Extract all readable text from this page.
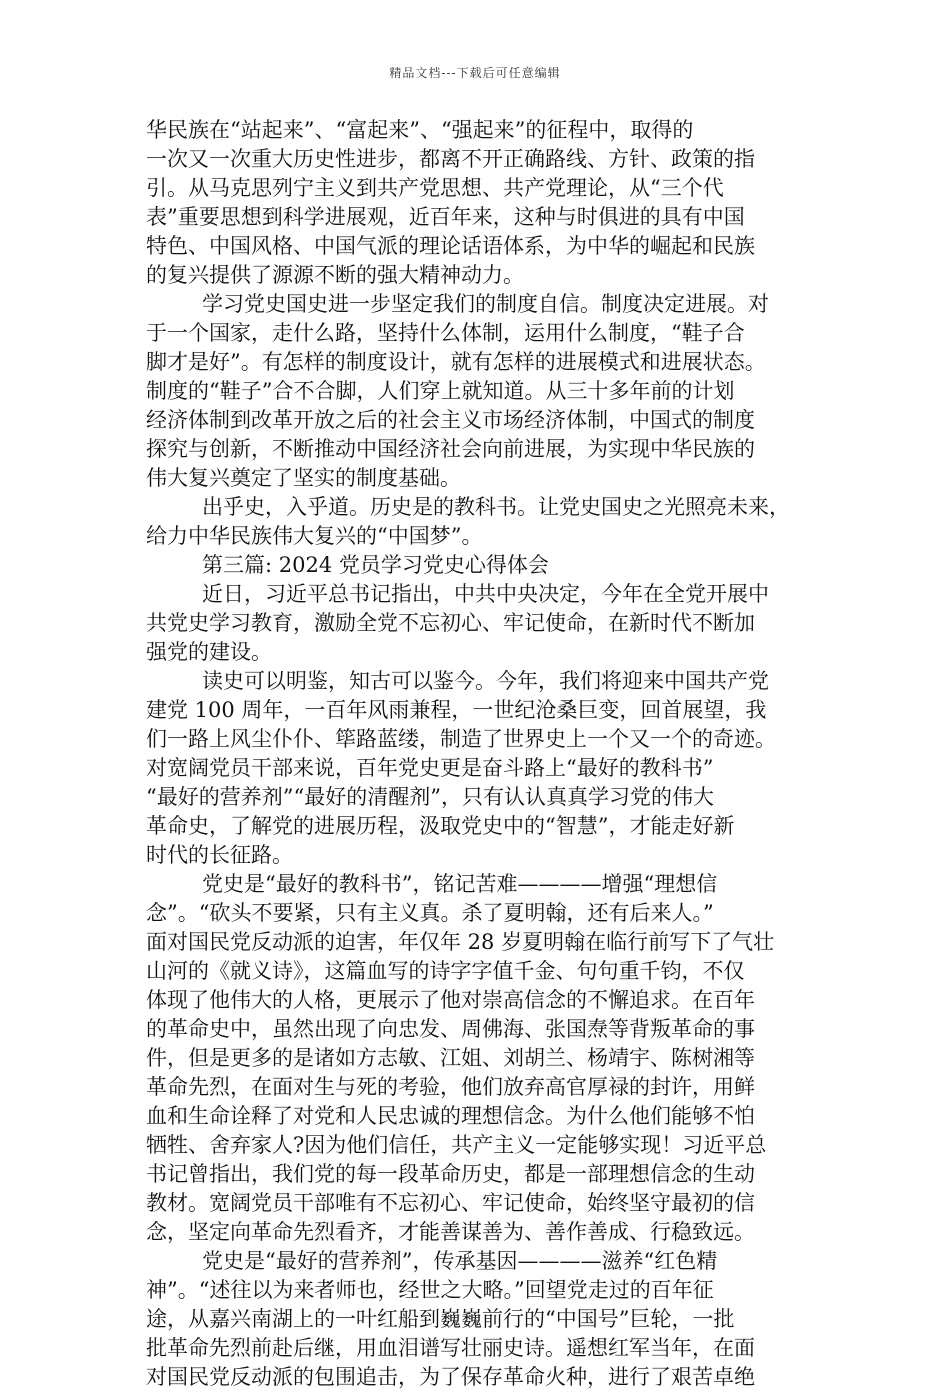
精品文档---下载后可任意编辑
华民族在“站起来”、“富起来”、“强起来”的征程中，取得的
一次又一次重大历史性进步，都离不开正确路线、方针、政策的指
引。从马克思列宁主义到共产党思想、共产党理论，从“三个代
表”重要思想到科学进展观，近百年来，这种与时俱进的具有中国
特色、中国风格、中国气派的理论话语体系，为中华的崛起和民族
的复兴提供了源源不断的强大精神动力。
学习党史国史进一步坚定我们的制度自信。制度决定进展。对
于一个国家，走什么路，坚持什么体制，运用什么制度，“鞋子合
脚才是好”。有怎样的制度设计，就有怎样的进展模式和进展状态。
制度的“鞋子”合不合脚，人们穿上就知道。从三十多年前的计划
经济体制到改革开放之后的社会主义市场经济体制，中国式的制度
探究与创新，不断推动中国经济社会向前进展，为实现中华民族的
伟大复兴奠定了坚实的制度基础。
出乎史，入乎道。历史是的教科书。让党史国史之光照亮未来，
给力中华民族伟大复兴的“中国梦”。
第三篇: 2024 党员学习党史心得体会
近日，习近平总书记指出，中共中央决定，今年在全党开展中
共党史学习教育，激励全党不忘初心、牢记使命，在新时代不断加
强党的建设。
读史可以明鉴，知古可以鉴今。今年，我们将迎来中国共产党
建党 100 周年，一百年风雨兼程，一世纪沧桑巨变，回首展望，我
们一路上风尘仆仆、筚路蓝缕，制造了世界史上一个又一个的奇迹。
对宽阔党员干部来说，百年党史更是奋斗路上“最好的教科书”
“最好的营养剂”“最好的清醒剂”，只有认认真真学习党的伟大
革命史，了解党的进展历程，汲取党史中的“智慧”，才能走好新
时代的长征路。
党史是“最好的教科书”，铭记苦难————增强“理想信
念”。“砍头不要紧，只有主义真。杀了夏明翰，还有后来人。”
面对国民党反动派的迫害，年仅年 28 岁夏明翰在临行前写下了气壮
山河的《就义诗》，这篇血写的诗字字值千金、句句重千钧，不仅
体现了他伟大的人格，更展示了他对崇高信念的不懈追求。在百年
的革命史中，虽然出现了向忠发、周佛海、张国焘等背叛革命的事
件，但是更多的是诸如方志敏、江姐、刘胡兰、杨靖宇、陈树湘等
革命先烈，在面对生与死的考验，他们放弃高官厚禄的封许，用鲜
血和生命诠释了对党和人民忠诚的理想信念。为什么他们能够不怕
牺牲、舍弃家人?因为他们信任，共产主义一定能够实现！习近平总
书记曾指出，我们党的每一段革命历史，都是一部理想信念的生动
教材。宽阔党员干部唯有不忘初心、牢记使命，始终坚守最初的信
念，坚定向革命先烈看齐，才能善谋善为、善作善成、行稳致远。
党史是“最好的营养剂”，传承基因————滋养“红色精
神”。“述往以为来者师也，经世之大略。”回望党走过的百年征
途，从嘉兴南湖上的一叶红船到巍巍前行的“中国号”巨轮，一批
批革命先烈前赴后继，用血泪谱写壮丽史诗。遥想红军当年，在面
对国民党反动派的包围追击，为了保存革命火种，进行了艰苦卓绝
